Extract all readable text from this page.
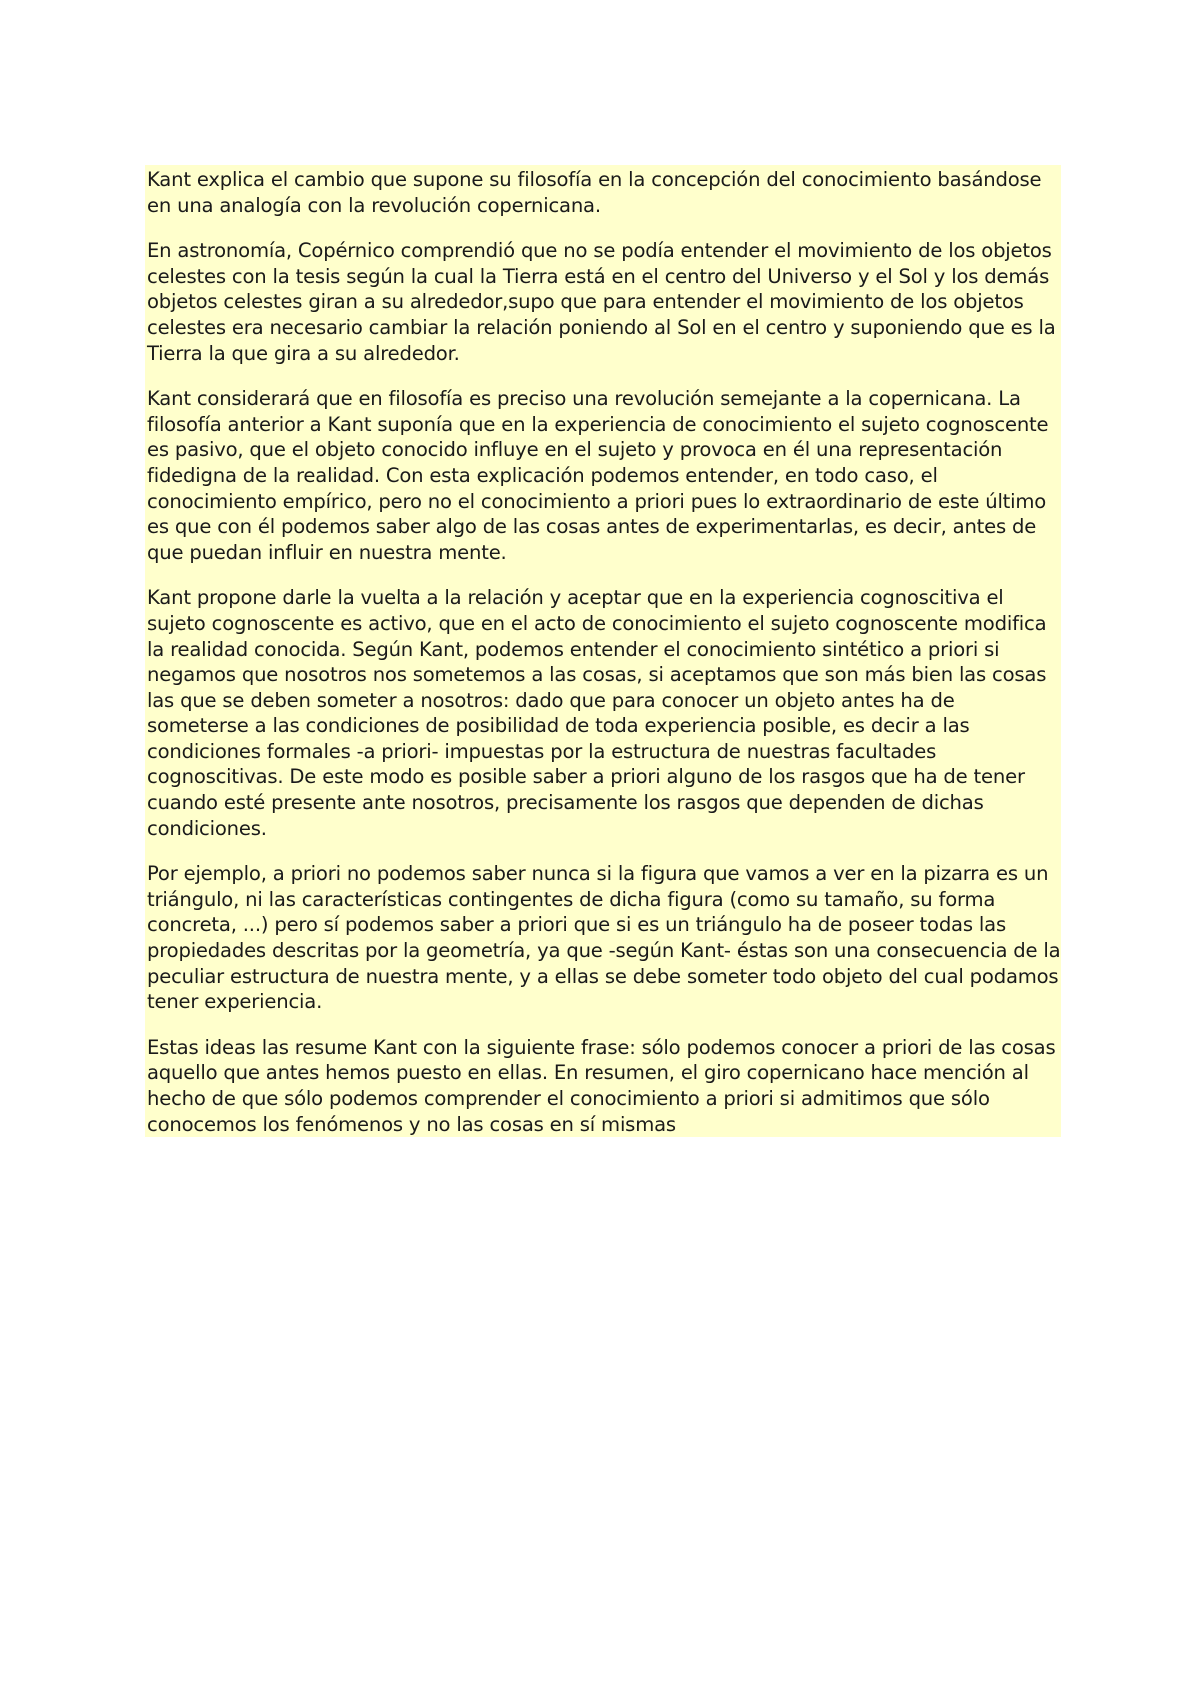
Kant explica el cambio que supone su filosofía en la concepción del conocimiento basándose en una analogía con la revolución copernicana.

En astronomía, Copérnico comprendió que no se podía entender el movimiento de los objetos celestes con la tesis según la cual la Tierra está en el centro del Universo y el Sol y los demás objetos celestes giran a su alrededor,supo que para entender el movimiento de los objetos celestes era necesario cambiar la relación poniendo al Sol en el centro y suponiendo que es la Tierra la que gira a su alrededor.

Kant considerará que en filosofía es preciso una revolución semejante a la copernicana. La filosofía anterior a Kant suponía que en la experiencia de conocimiento el sujeto cognoscente es pasivo, que el objeto conocido influye en el sujeto y provoca en él una representación fidedigna de la realidad. Con esta explicación podemos entender, en todo caso, el conocimiento empírico, pero no el conocimiento a priori pues lo extraordinario de este último es que con él podemos saber algo de las cosas antes de experimentarlas, es decir, antes de que puedan influir en nuestra mente.

Kant propone darle la vuelta a la relación y aceptar que en la experiencia cognoscitiva el sujeto cognoscente es activo, que en el acto de conocimiento el sujeto cognoscente modifica la realidad conocida. Según Kant, podemos entender el conocimiento sintético a priori si negamos que nosotros nos sometemos a las cosas, si aceptamos que son más bien las cosas las que se deben someter a nosotros: dado que para conocer un objeto antes ha de someterse a las condiciones de posibilidad de toda experiencia posible, es decir a las condiciones formales -a priori- impuestas por la estructura de nuestras facultades cognoscitivas. De este modo es posible saber a priori alguno de los rasgos que ha de tener cuando esté presente ante nosotros, precisamente los rasgos que dependen de dichas condiciones.

Por ejemplo, a priori no podemos saber nunca si la figura que vamos a ver en la pizarra es un triángulo, ni las características contingentes de dicha figura (como su tamaño, su forma concreta, ...) pero sí podemos saber a priori que si es un triángulo ha de poseer todas las propiedades descritas por la geometría, ya que -según Kant- éstas son una consecuencia de la peculiar estructura de nuestra mente, y a ellas se debe someter todo objeto del cual podamos tener experiencia.

Estas ideas las resume Kant con la siguiente frase: sólo podemos conocer a priori de las cosas aquello que antes hemos puesto en ellas. En resumen, el giro copernicano hace mención al hecho de que sólo podemos comprender el conocimiento a priori si admitimos que sólo conocemos los fenómenos y no las cosas en sí mismas
